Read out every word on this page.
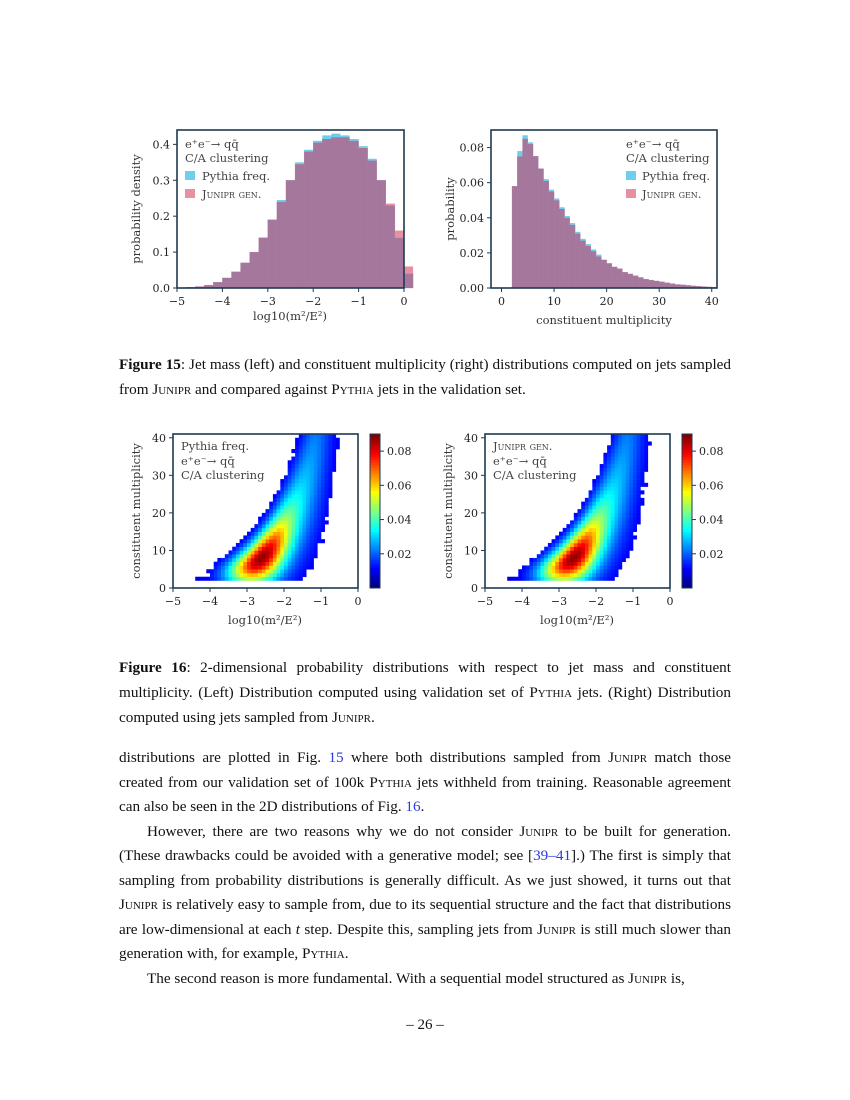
−5	−4	−3	−2	−1	0
0.0
0.1
0.2
0.3
0.4 e⁺e⁻→ qq̄
C/A clustering
Pythia freq.
Junipr gen.
log10(m²/E²)
probability density
0	10	20	30	40
0.00
0.02
0.04
0.06
0.08	e⁺e⁻→ qq̄
C/A clustering
Pythia freq.
Junipr gen.
constituent multiplicity
probability
Figure 15: Jet mass (left) and constituent multiplicity (right) distributions computed on jets sampled from Junipr and compared against Pythia jets in the validation set.
−5 −4 −3 −2 −1 0
0
10
20
30
40
Pythia freq.
e⁺e⁻→ qq̄
C/A clustering
0.02
0.04
0.06
0.08
log10(m²/E²)
constituent multiplicity
−5 −4 −3 −2 −1 0
0
10
20
30
40
Junipr gen.
e⁺e⁻→ qq̄
C/A clustering
0.02
0.04
0.06
0.08
log10(m²/E²)
constituent multiplicity
Figure 16: 2-dimensional probability distributions with respect to jet mass and constituent multiplicity. (Left) Distribution computed using validation set of Pythia jets. (Right) Distribution computed using jets sampled from Junipr.

distributions are plotted in Fig. 15 where both distributions sampled from Junipr match those created from our validation set of 100k Pythia jets withheld from training. Reasonable agreement can also be seen in the 2D distributions of Fig. 16.

However, there are two reasons why we do not consider Junipr to be built for generation. (These drawbacks could be avoided with a generative model; see [39–41].) The first is simply that sampling from probability distributions is generally difficult. As we just showed, it turns out that Junipr is relatively easy to sample from, due to its sequential structure and the fact that distributions are low-dimensional at each t step. Despite this, sampling jets from Junipr is still much slower than generation with, for example, Pythia.

The second reason is more fundamental. With a sequential model structured as Junipr is,

– 26 –
